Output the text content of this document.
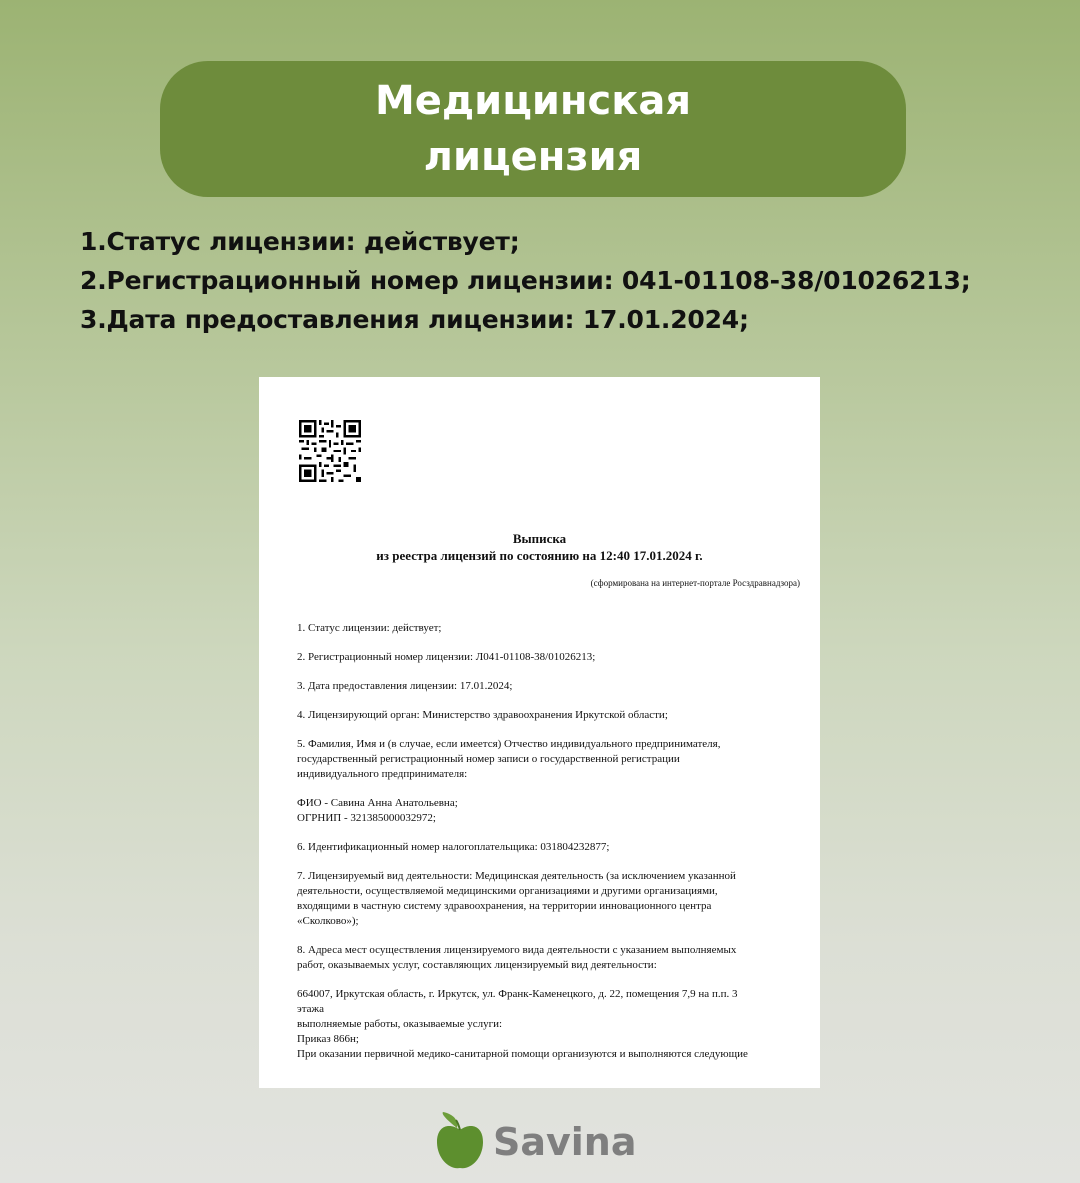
Медицинская
лицензия
1.Статус лицензии: действует;
2.Регистрационный номер лицензии: 041-01108-38/01026213;
3.Дата предоставления лицензии: 17.01.2024;
Выписка
из реестра лицензий по состоянию на 12:40 17.01.2024 г.
(сформирована на интернет-портале Росздравнадзора)

1. Статус лицензии: действует;

2. Регистрационный номер лицензии: Л041-01108-38/01026213;

3. Дата предоставления лицензии: 17.01.2024;

4. Лицензирующий орган: Министерство здравоохранения Иркутской области;

5. Фамилия, Имя и (в случае, если имеется) Отчество индивидуального предпринимателя,
государственный регистрационный номер записи о государственной регистрации
индивидуального предпринимателя:

ФИО - Савина Анна Анатольевна;
ОГРНИП - 321385000032972;

6. Идентификационный номер налогоплательщика: 031804232877;

7. Лицензируемый вид деятельности: Медицинская деятельность (за исключением указанной
деятельности, осуществляемой медицинскими организациями и другими организациями,
входящими в частную систему здравоохранения, на территории инновационного центра
«Сколково»);

8. Адреса мест осуществления лицензируемого вида деятельности с указанием выполняемых
работ, оказываемых услуг, составляющих лицензируемый вид деятельности:

664007, Иркутская область, г. Иркутск, ул. Франк-Каменецкого, д. 22, помещения 7,9 на п.п. 3
этажа
выполняемые работы, оказываемые услуги:
Приказ 866н;
При оказании первичной медико-санитарной помощи организуются и выполняются следующие

Savina
